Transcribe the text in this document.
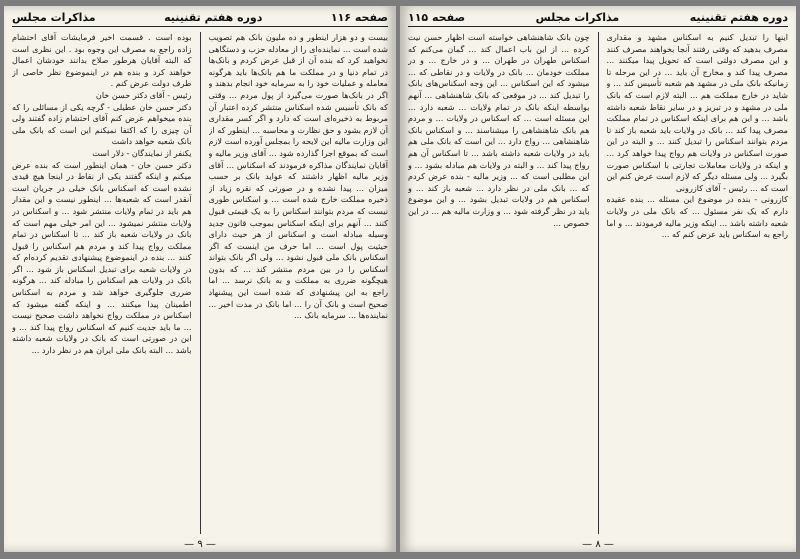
صفحه ۱۱۶
دوره هفتم تقنینیه
مذاکرات مجلس

بیست و دو هزار اینطور و ده ملیون بانک هم تصویب شده است ... نماینده‌ای را از معادله حزب و دستگاهی نخواهید کرد که بنده آن از قبل عرض کردم و بانک‌ها در تمام دنیا و در مملکت ما هم بانک‌ها باید هرگونه معامله و عملیات خود را به سرمایه خود انجام بدهند و اگر در بانک‌ها صورت می‌گیرد از پول مردم ... وقتی که بانک تأسیس شده اسکناس منتشر کرده اعتبار آن مربوط به ذخیره‌ای است که دارد و اگر کسر مقداری آن لازم بشود و حق نظارت و محاسبه ... اینطور که از این وزارت مالیه این لایحه را بمجلس آورده است لازم است که بموقع اجرا گذارده شود ... آقای وزیر مالیه و آقایان نمایندگان مذاکره فرمودند که اسکناس ... آقای وزیر مالیه اظهار داشتند که عواید بانک بر حسب میزان ... پیدا نشده و در صورتی که نقره زیاد از ذخیره مملکت خارج شده است ... و اسکناس طوری نیست که مردم بتوانند اسکناس را به یک قیمتی قبول کنند ... آنهم برای اینکه اسکناس بموجب قانون جدید وسیله مبادله است و اسکناس از هر حیث دارای حیثیت پول است ... اما حرف من اینست که اگر اسکناس بانک ملی قبول نشود ... ولی اگر بانک بتواند اسکناس را در بین مردم منتشر کند ... که بدون هیچگونه ضرری به مملکت و به بانک نرسد ... اما راجع به این پیشنهادی که شده است این پیشنهاد صحیح است و بانک آن را ... اما بانک در مدت اخیر ... نماینده‌ها ... سرمایه بانک ...

بوده است . قسمت اخیر فرمایشات آقای احتشام زاده راجع به مصرف این وجوه بود . این نظری است که البته آقایان هرطور صلاح بدانند خودشان اعمال خواهند کرد و بنده هم در اینموضوع نظر خاصی از طرف دولت عرض کنم .
رئیس - آقای دکتر حسن خان
دکتر حسن خان عطیلی - گرچه یکی از مسائلی را که بنده میخواهم عرض کنم آقای احتشام زاده گفتند ولی آن چیزی را که اکتفا نمیکنم این است که بانک ملی بانک شعبه خواهد داشت
یکنفر از نمایندگان - دلار است
دکتر حسن خان - همان اینطور است که بنده عرض میکنم و اینکه گفتند یکی از نقاط در اینجا هیچ قیدی نشده است که اسکناس بانک خیلی در جریان است آنقدر است که شعبه‌ها ... اینطور نیست و این مقدار هم باید در تمام ولایات منتشر شود ... و اسکناس در ولایات منتشر نمیشود ... این امر خیلی مهم است که بانک در ولایات شعبه باز کند ... تا اسکناس در تمام مملکت رواج پیدا کند و مردم هم اسکناس را قبول کنند ... بنده در اینموضوع پیشنهادی تقدیم کرده‌ام که در ولایات شعبه برای تبدیل اسکناس باز شود ... اگر بانک در ولایات هم اسکناس را مبادله کند ... هرگونه ضرری جلوگیری خواهد شد و مردم به اسکناس اطمینان پیدا میکنند ... و اینکه گفته میشود که اسکناس در مملکت رواج نخواهد داشت صحیح نیست ... ما باید جدیت کنیم که اسکناس رواج پیدا کند ... و این در صورتی است که بانک در ولایات شعبه داشته باشد ... البته بانک ملی ایران هم در نظر دارد ...

— ۹ —
دوره هفتم تقنینیه
مذاکرات مجلس
صفحه ۱۱۵

اینها را تبدیل کنیم به اسکناس مشهد و مقداری مصرف بدهید که وقتی رفتند آنجا بخواهند مصرف کنند و این مصرف دولتی است که تحویل پیدا میکنند ... مصرف پیدا کند و مخارج آن باید ... در این مرحله تا زمانیکه بانک ملی در مشهد هم شعبه تأسیس کند ... و شاید در خارج مملکت هم ... البته لازم است که بانک ملی در مشهد و در تبریز و در سایر نقاط شعبه داشته باشد ... و این هم برای اینکه اسکناس در تمام مملکت مصرف پیدا کند ... بانک در ولایات باید شعبه باز کند تا مردم بتوانند اسکناس را تبدیل کنند ... و البته در این صورت اسکناس در ولایات هم رواج پیدا خواهد کرد ... و اینکه در ولایات معاملات تجارتی با اسکناس صورت بگیرد ... ولی مسئله دیگر که لازم است عرض کنم این است که ... رئیس - آقای کازرونی
کازرونی - بنده در موضوع این مسئله ... بنده عقیده دارم که یک نفر مسئول ... که بانک ملی در ولایات شعبه داشته باشد ... اینکه وزیر مالیه فرمودند ... و اما راجع به اسکناس باید عرض کنم که ...

چون بانک شاهنشاهی خواسته است اظهار حسن نیت کرده ... از این باب اعمال کند ... گمان می‌کنم که اسکناس طهران در طهران ... و در خارج ... و در مملکت خودمان ... بانک در ولایات و در نقاطی که ... میشود که این اسکناس ... این وجه اسکناس‌های بانک را تبدیل کند ... در موقعی که بانک شاهنشاهی ... آنهم بواسطه اینکه بانک در تمام ولایات ... شعبه دارد ... این مسئله است ... که اسکناس در ولایات ... و مردم هم بانک شاهنشاهی را میشناسند ... و اسکناس بانک شاهنشاهی ... رواج دارد ... این است که بانک ملی هم باید در ولایات شعبه داشته باشد ... تا اسکناس آن هم رواج پیدا کند ... و البته در ولایات هم مبادله بشود ... و این مطلبی است که ... وزیر مالیه - بنده عرض کردم که ... بانک ملی در نظر دارد ... شعبه باز کند ... و اسکناس هم در ولایات تبدیل بشود ... و این موضوع باید در نظر گرفته شود ... و وزارت مالیه هم ... در این خصوص ...

— ۸ —
